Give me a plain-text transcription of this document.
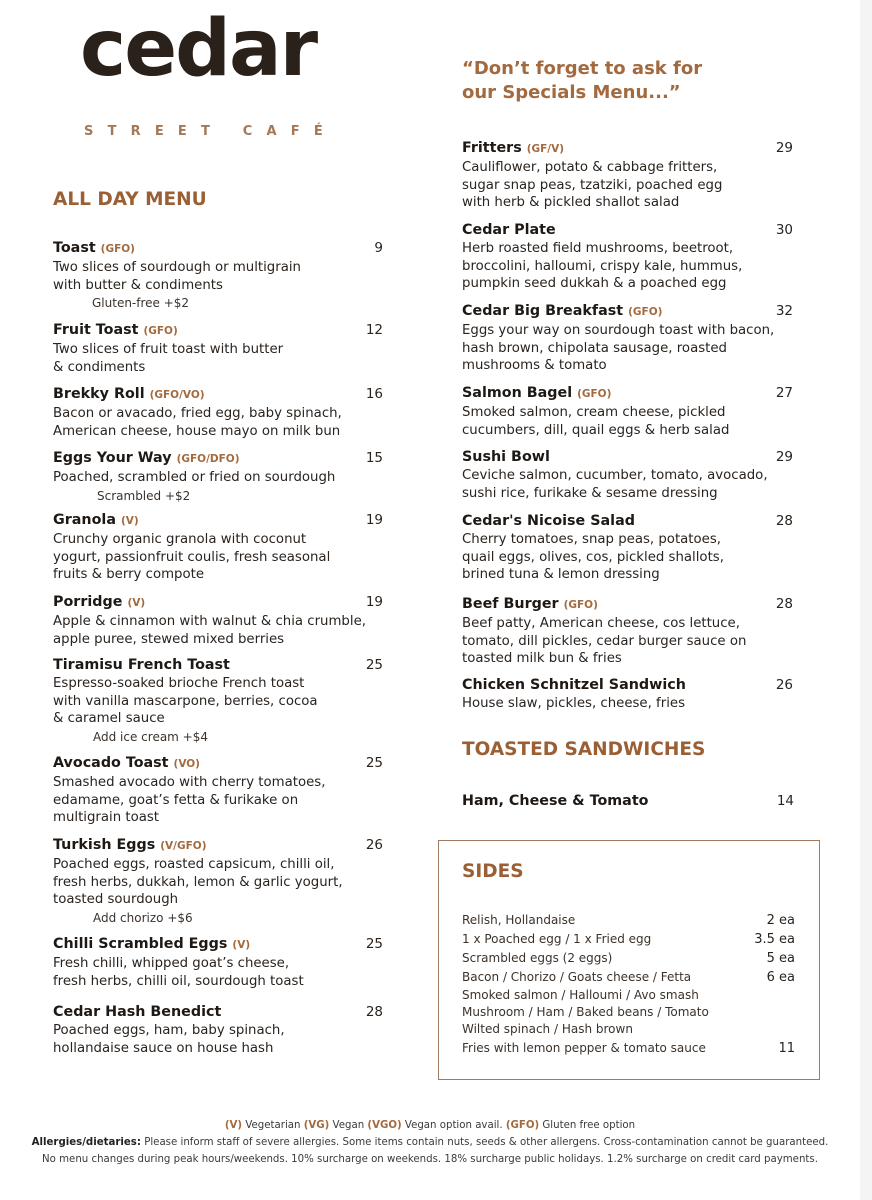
cedar
STREET CAFÉ
“Don’t forget to ask for our Specials Menu...”
ALL DAY MENU
Toast (GFO)
Two slices of sourdough or multigrain
with butter & condiments
Gluten-free +$2
9
Fruit Toast (GFO)
Two slices of fruit toast with butter
& condiments
12
Brekky Roll (GFO/VO)
Bacon or avacado, fried egg, baby spinach,
American cheese, house mayo on milk bun
16
Eggs Your Way (GFO/DFO)
Poached, scrambled or fried on sourdough
Scrambled +$2
15
Granola (V)
Crunchy organic granola with coconut
yogurt, passionfruit coulis, fresh seasonal
fruits & berry compote
19
Porridge (V)
Apple & cinnamon with walnut & chia crumble,
apple puree, stewed mixed berries
19
Tiramisu French Toast
Espresso-soaked brioche French toast
with vanilla mascarpone, berries, cocoa
& caramel sauce
Add ice cream +$4
25
Avocado Toast (VO)
Smashed avocado with cherry tomatoes,
edamame, goat’s fetta & furikake on
multigrain toast
25
Turkish Eggs (V/GFO)
Poached eggs, roasted capsicum, chilli oil,
fresh herbs, dukkah, lemon & garlic yogurt,
toasted sourdough
Add chorizo +$6
26
Chilli Scrambled Eggs (V)
Fresh chilli, whipped goat’s cheese,
fresh herbs, chilli oil, sourdough toast
25
Cedar Hash Benedict
Poached eggs, ham, baby spinach,
hollandaise sauce on house hash
28
Fritters (GF/V)
Cauliflower, potato & cabbage fritters,
sugar snap peas, tzatziki, poached egg
with herb & pickled shallot salad
29
Cedar Plate
Herb roasted field mushrooms, beetroot,
broccolini, halloumi, crispy kale, hummus,
pumpkin seed dukkah & a poached egg
30
Cedar Big Breakfast (GFO)
Eggs your way on sourdough toast with bacon,
hash brown, chipolata sausage, roasted
mushrooms & tomato
32
Salmon Bagel (GFO)
Smoked salmon, cream cheese, pickled
cucumbers, dill, quail eggs & herb salad
27
Sushi Bowl
Ceviche salmon, cucumber, tomato, avocado,
sushi rice, furikake & sesame dressing
29
Cedar's Nicoise Salad
Cherry tomatoes, snap peas, potatoes,
quail eggs, olives, cos, pickled shallots,
brined tuna & lemon dressing
28
Beef Burger (GFO)
Beef patty, American cheese, cos lettuce,
tomato, dill pickles, cedar burger sauce on
toasted milk bun & fries
28
Chicken Schnitzel Sandwich
House slaw, pickles, cheese, fries
26
TOASTED SANDWICHES
Ham, Cheese & Tomato	14
SIDES
Relish, Hollandaise	2 ea
1 x Poached egg / 1 x Fried egg	3.5 ea
Scrambled eggs (2 eggs)	5 ea
Bacon / Chorizo / Goats cheese / Fetta	6 ea
Smoked salmon / Halloumi / Avo smash
Mushroom / Ham / Baked beans / Tomato
Wilted spinach / Hash brown
Fries with lemon pepper & tomato sauce	11
(V) Vegetarian (VG) Vegan (VGO) Vegan option avail. (GFO) Gluten free option
Allergies/dietaries: Please inform staff of severe allergies. Some items contain nuts, seeds & other allergens. Cross-contamination cannot be guaranteed.
No menu changes during peak hours/weekends. 10% surcharge on weekends. 18% surcharge public holidays. 1.2% surcharge on credit card payments.
